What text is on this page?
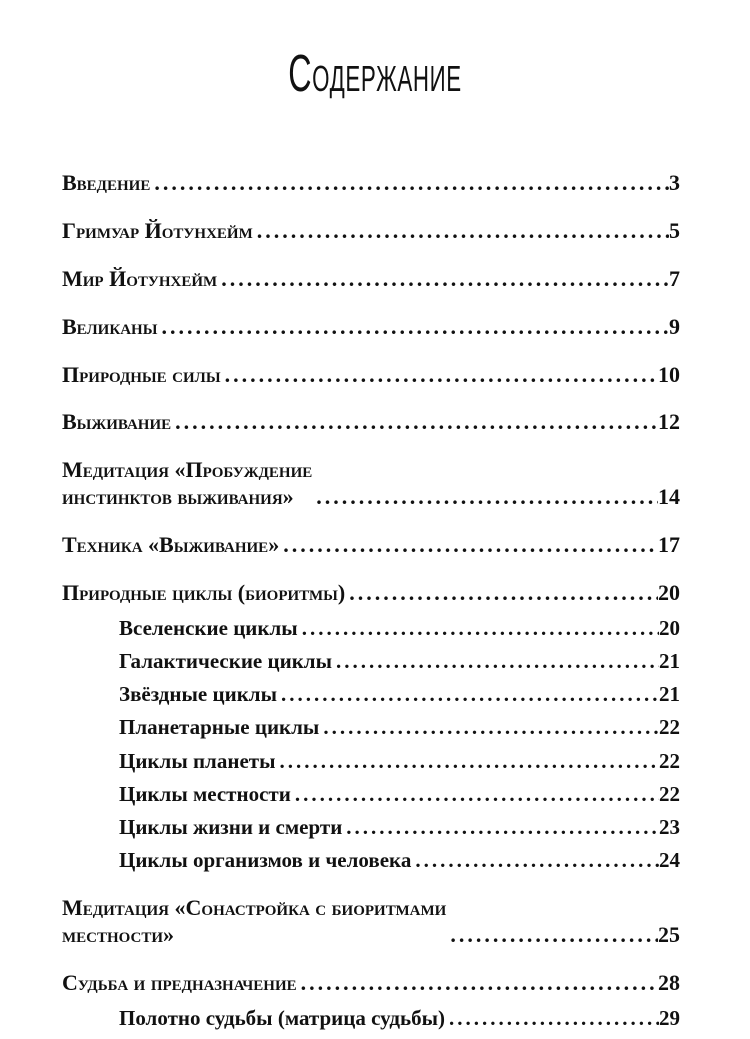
Содержание
Введение .....	3
Гримуар Йотунхейм .....	5
Мир Йотунхейм .....	7
Великаны .....	9
Природные силы .....	10
Выживание .....	12
Медитация «Пробуждение
инстинктов выживания» .....	14
Техника «Выживание» .....	17
Природные циклы (биоритмы) .....	20
Вселенские циклы .....	20
Галактические циклы .....	21
Звёздные циклы .....	21
Планетарные циклы .....	22
Циклы планеты .....	22
Циклы местности .....	22
Циклы жизни и смерти .....	23
Циклы организмов и человека .....	24
Медитация «Сонастройка с биоритмами
местности» .....	25
Судьба и предназначение .....	28
Полотно судьбы (матрица судьбы) .....	29
